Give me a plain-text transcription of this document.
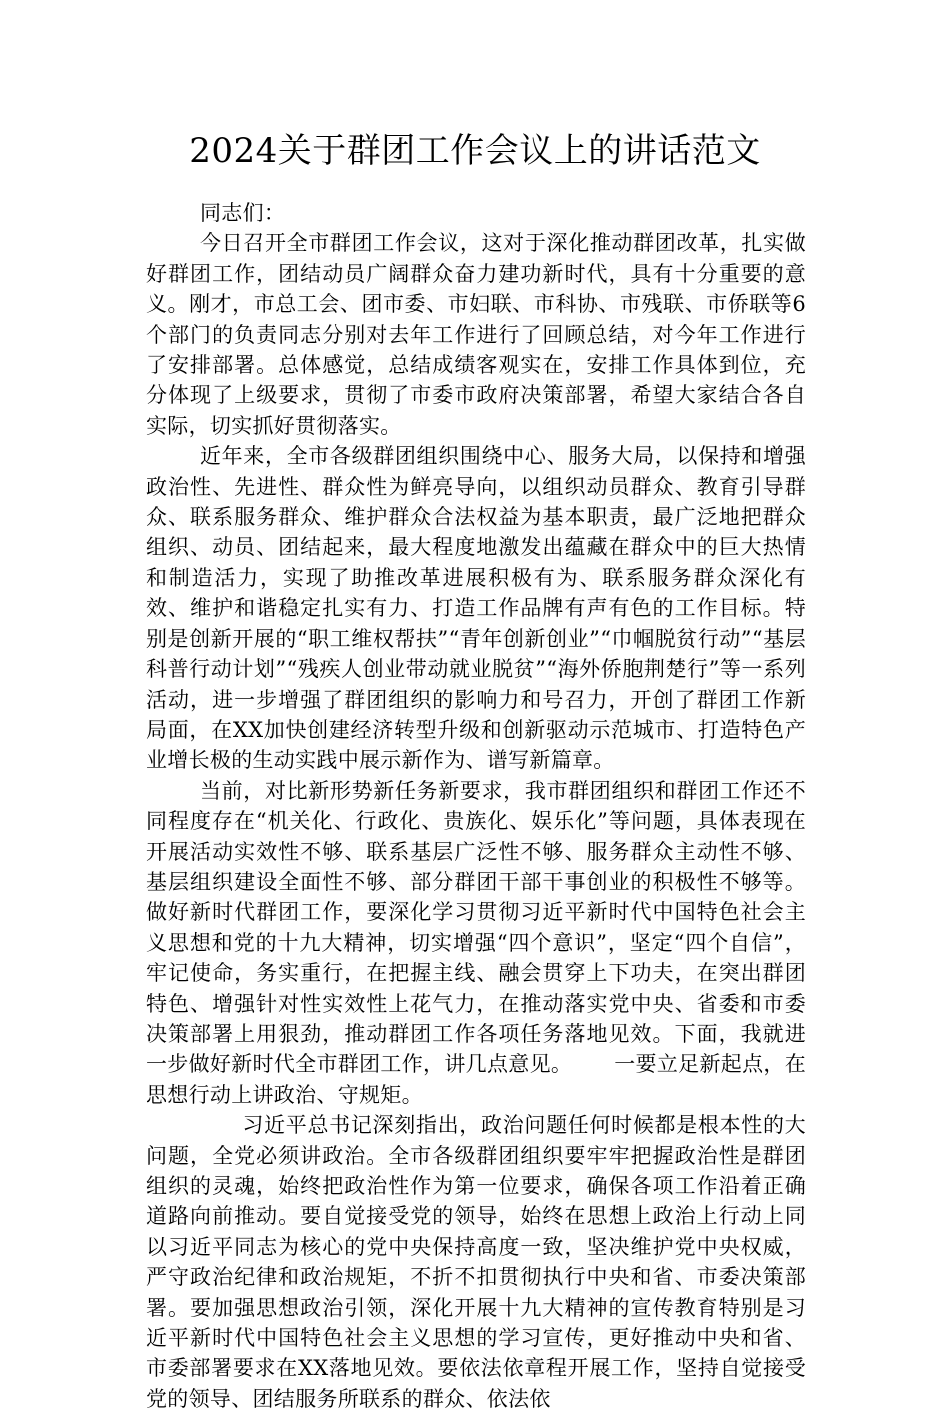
2024关于群团工作会议上的讲话范文

同志们：

今日召开全市群团工作会议，这对于深化推动群团改革，扎实做好群团工作，团结动员广阔群众奋力建功新时代，具有十分重要的意义。刚才，市总工会、团市委、市妇联、市科协、市残联、市侨联等6个部门的负责同志分别对去年工作进行了回顾总结，对今年工作进行了安排部署。总体感觉，总结成绩客观实在，安排工作具体到位，充分体现了上级要求，贯彻了市委市政府决策部署，希望大家结合各自实际，切实抓好贯彻落实。

近年来，全市各级群团组织围绕中心、服务大局，以保持和增强政治性、先进性、群众性为鲜亮导向，以组织动员群众、教育引导群众、联系服务群众、维护群众合法权益为基本职责，最广泛地把群众组织、动员、团结起来，最大程度地激发出蕴藏在群众中的巨大热情和制造活力，实现了助推改革进展积极有为、联系服务群众深化有效、维护和谐稳定扎实有力、打造工作品牌有声有色的工作目标。特别是创新开展的“职工维权帮扶”“青年创新创业”“巾帼脱贫行动”“基层科普行动计划”“残疾人创业带动就业脱贫”“海外侨胞荆楚行”等一系列活动，进一步增强了群团组织的影响力和号召力，开创了群团工作新局面，在XX加快创建经济转型升级和创新驱动示范城市、打造特色产业增长极的生动实践中展示新作为、谱写新篇章。

当前，对比新形势新任务新要求，我市群团组织和群团工作还不同程度存在“机关化、行政化、贵族化、娱乐化”等问题，具体表现在开展活动实效性不够、联系基层广泛性不够、服务群众主动性不够、基层组织建设全面性不够、部分群团干部干事创业的积极性不够等。做好新时代群团工作，要深化学习贯彻习近平新时代中国特色社会主义思想和党的十九大精神，切实增强“四个意识”，坚定“四个自信”，牢记使命，务实重行，在把握主线、融会贯穿上下功夫，在突出群团特色、增强针对性实效性上花气力，在推动落实党中央、省委和市委决策部署上用狠劲，推动群团工作各项任务落地见效。下面，我就进一步做好新时代全市群团工作，讲几点意见。 一要立足新起点，在思想行动上讲政治、守规矩。

习近平总书记深刻指出，政治问题任何时候都是根本性的大问题，全党必须讲政治。全市各级群团组织要牢牢把握政治性是群团组织的灵魂，始终把政治性作为第一位要求，确保各项工作沿着正确道路向前推动。要自觉接受党的领导，始终在思想上政治上行动上同以习近平同志为核心的党中央保持高度一致，坚决维护党中央权威，严守政治纪律和政治规矩，不折不扣贯彻执行中央和省、市委决策部署。要加强思想政治引领，深化开展十九大精神的宣传教育特别是习近平新时代中国特色社会主义思想的学习宣传，更好推动中央和省、市委部署要求在XX落地见效。要依法依章程开展工作，坚持自觉接受党的领导、团结服务所联系的群众、依法依
